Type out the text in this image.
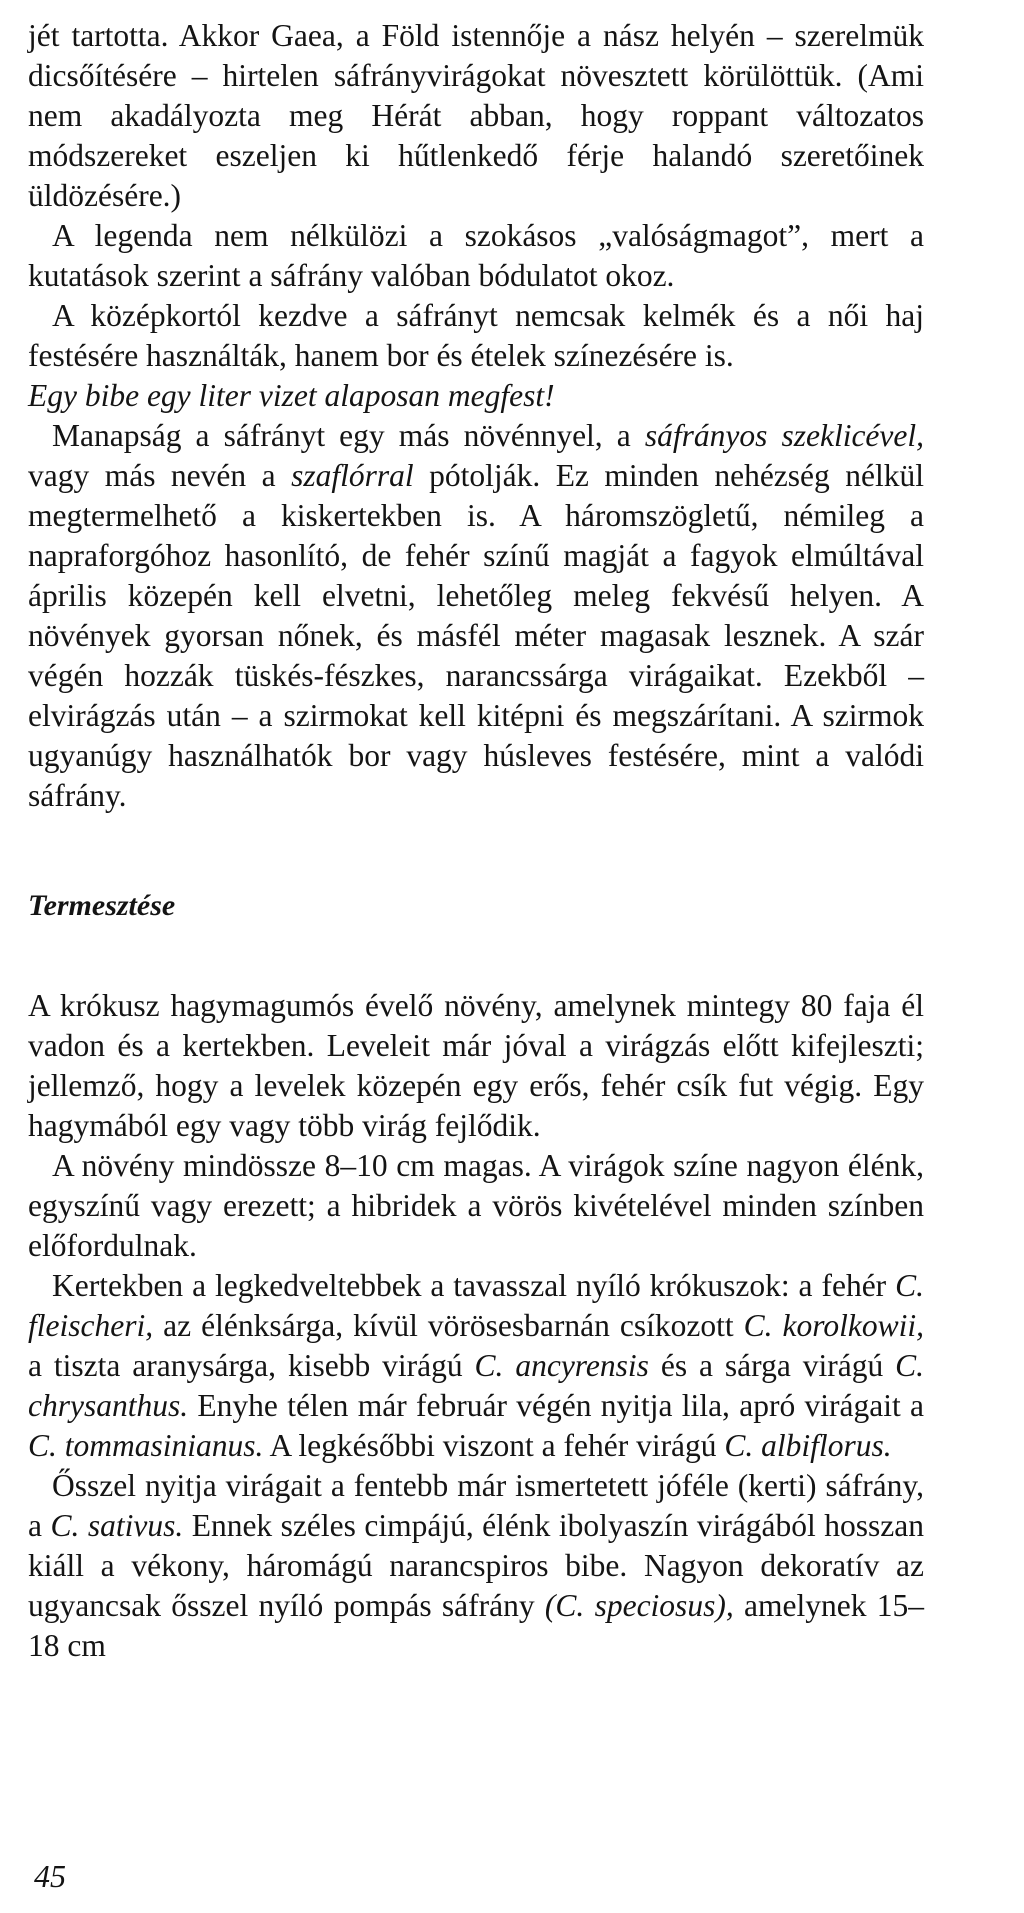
jét tartotta. Akkor Gaea, a Föld istennője a nász helyén – szerelmük dicsőítésére – hirtelen sáfrányvirágokat növesztett körülöttük. (Ami nem akadályozta meg Hérát abban, hogy roppant változatos módszereket eszeljen ki hűtlenkedő férje halandó szeretőinek üldözésére.)

A legenda nem nélkülözi a szokásos „valóságmagot”, mert a kutatások szerint a sáfrány valóban bódulatot okoz.

A középkortól kezdve a sáfrányt nemcsak kelmék és a női haj festésére használták, hanem bor és ételek színezésére is.

Egy bibe egy liter vizet alaposan megfest!

Manapság a sáfrányt egy más növénnyel, a sáfrányos szeklicével, vagy más nevén a szaflórral pótolják. Ez minden nehézség nélkül megtermelhető a kiskertekben is. A háromszögletű, némileg a napraforgóhoz hasonlító, de fehér színű magját a fagyok elmúltával április közepén kell elvetni, lehetőleg meleg fekvésű helyen. A növények gyorsan nőnek, és másfél méter magasak lesznek. A szár végén hozzák tüskés-fészkes, narancssárga virágaikat. Ezekből – elvirágzás után – a szirmokat kell kitépni és megszárítani. A szirmok ugyanúgy használhatók bor vagy húsleves festésére, mint a valódi sáfrány.

Termesztése

A krókusz hagymagumós évelő növény, amelynek mintegy 80 faja él vadon és a kertekben. Leveleit már jóval a virágzás előtt kifejleszti; jellemző, hogy a levelek közepén egy erős, fehér csík fut végig. Egy hagymából egy vagy több virág fejlődik.

A növény mindössze 8–10 cm magas. A virágok színe nagyon élénk, egyszínű vagy erezett; a hibridek a vörös kivételével minden színben előfordulnak.

Kertekben a legkedveltebbek a tavasszal nyíló krókuszok: a fehér C. fleischeri, az élénksárga, kívül vörösesbarnán csíkozott C. korolkowii, a tiszta aranysárga, kisebb virágú C. ancyrensis és a sárga virágú C. chrysanthus. Enyhe télen már február végén nyitja lila, apró virágait a C. tommasinianus. A legkésőbbi viszont a fehér virágú C. albiflorus.

Ősszel nyitja virágait a fentebb már ismertetett jóféle (kerti) sáfrány, a C. sativus. Ennek széles cimpájú, élénk ibolyaszín virágából hosszan kiáll a vékony, háromágú narancspiros bibe. Nagyon dekoratív az ugyancsak ősszel nyíló pompás sáfrány (C. speciosus), amelynek 15–18 cm

45
